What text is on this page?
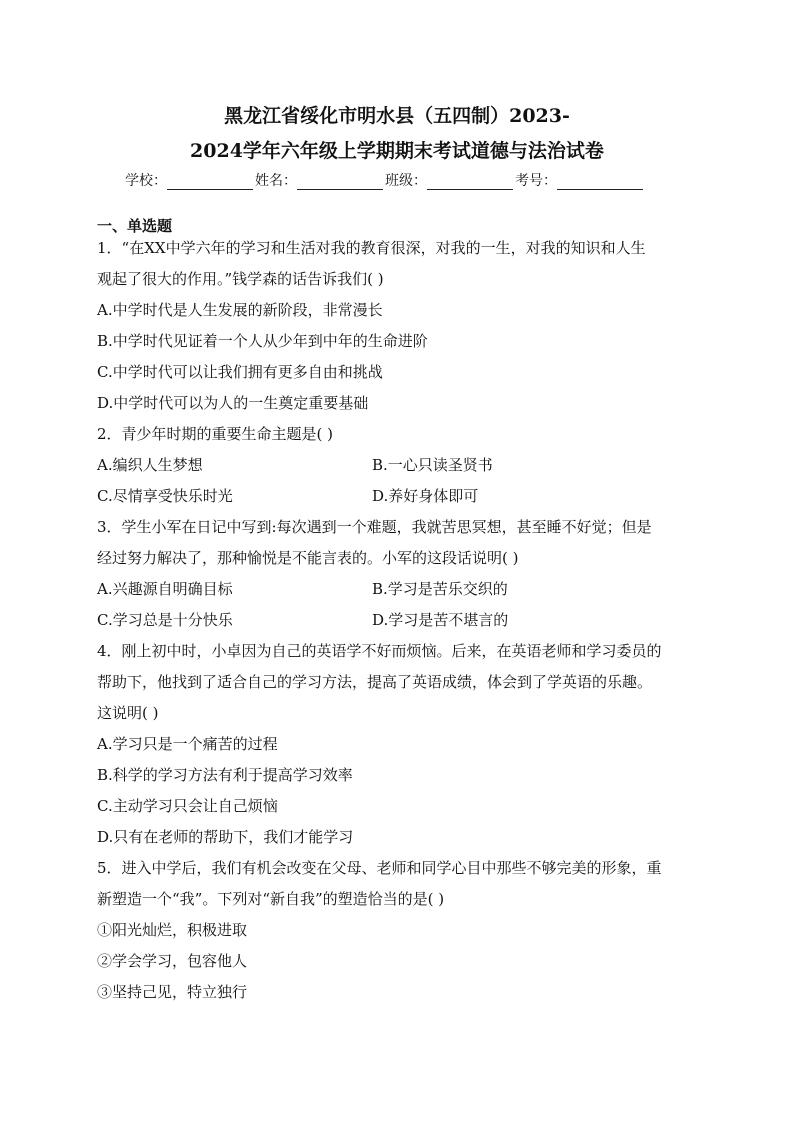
黑龙江省绥化市明水县（五四制）2023-
2024学年六年级上学期期末考试道德与法治试卷
学校：	姓名：	班级：	考号：
一、单选题
1．“在XX中学六年的学习和生活对我的教育很深，对我的一生，对我的知识和人生
观起了很大的作用。”钱学森的话告诉我们( )
A.中学时代是人生发展的新阶段，非常漫长
B.中学时代见证着一个人从少年到中年的生命进阶
C.中学时代可以让我们拥有更多自由和挑战
D.中学时代可以为人的一生奠定重要基础
2．青少年时期的重要生命主题是( )
A.编织人生梦想	B.一心只读圣贤书
C.尽情享受快乐时光	D.养好身体即可
3．学生小军在日记中写到:每次遇到一个难题，我就苦思冥想，甚至睡不好觉；但是
经过努力解决了，那种愉悦是不能言表的。小军的这段话说明( )
A.兴趣源自明确目标	B.学习是苦乐交织的
C.学习总是十分快乐	D.学习是苦不堪言的
4．刚上初中时，小卓因为自己的英语学不好而烦恼。后来，在英语老师和学习委员的
帮助下，他找到了适合自己的学习方法，提高了英语成绩，体会到了学英语的乐趣。
这说明( )
A.学习只是一个痛苦的过程
B.科学的学习方法有利于提高学习效率
C.主动学习只会让自己烦恼
D.只有在老师的帮助下，我们才能学习
5．进入中学后，我们有机会改变在父母、老师和同学心目中那些不够完美的形象，重
新塑造一个“我”。下列对“新自我”的塑造恰当的是( )
①阳光灿烂，积极进取
②学会学习，包容他人
③坚持己见，特立独行
